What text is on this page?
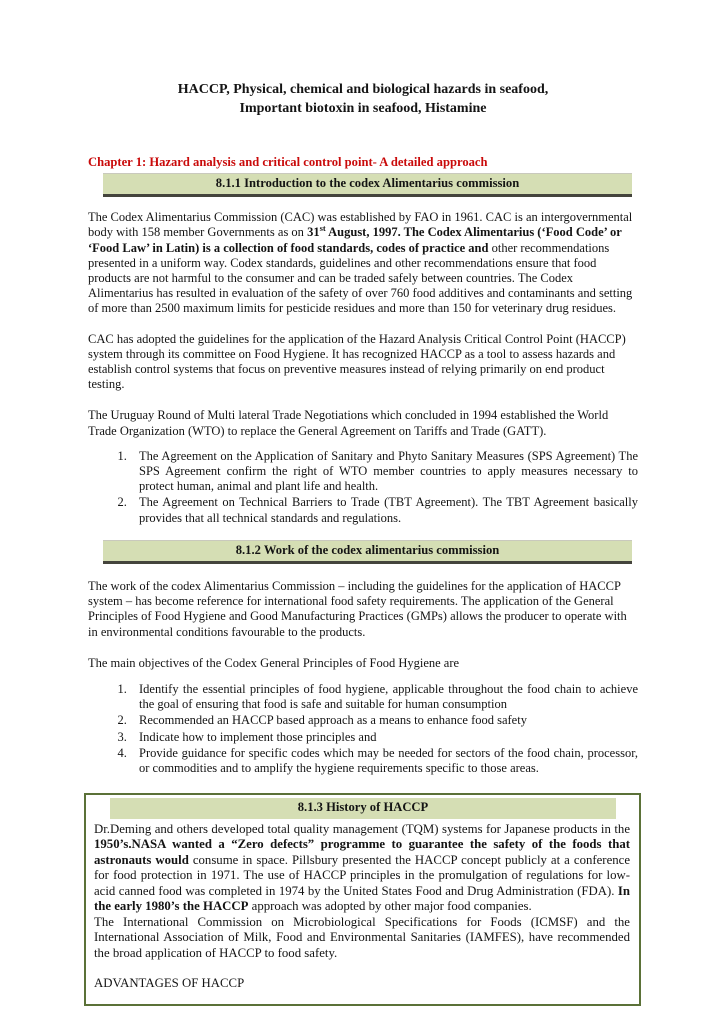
HACCP, Physical, chemical and biological hazards in seafood,
Important biotoxin in seafood, Histamine
Chapter 1: Hazard analysis and critical control point- A detailed approach
8.1.1 Introduction to the codex Alimentarius commission

The Codex Alimentarius Commission (CAC) was established by FAO in 1961. CAC is an intergovernmental body with 158 member Governments as on 31st August, 1997. The Codex Alimentarius (‘Food Code’ or ‘Food Law’ in Latin) is a collection of food standards, codes of practice and other recommendations presented in a uniform way. Codex standards, guidelines and other recommendations ensure that food products are not harmful to the consumer and can be traded safely between countries. The Codex Alimentarius has resulted in evaluation of the safety of over 760 food additives and contaminants and setting of more than 2500 maximum limits for pesticide residues and more than 150 for veterinary drug residues.

CAC has adopted the guidelines for the application of the Hazard Analysis Critical Control Point (HACCP) system through its committee on Food Hygiene. It has recognized HACCP as a tool to assess hazards and establish control systems that focus on preventive measures instead of relying primarily on end product testing.

The Uruguay Round of Multi lateral Trade Negotiations which concluded in 1994 established the World Trade Organization (WTO) to replace the General Agreement on Tariffs and Trade (GATT).

1. The Agreement on the Application of Sanitary and Phyto Sanitary Measures (SPS Agreement) The SPS Agreement confirm the right of WTO member countries to apply measures necessary to protect human, animal and plant life and health.
2. The Agreement on Technical Barriers to Trade (TBT Agreement). The TBT Agreement basically provides that all technical standards and regulations.
8.1.2 Work of the codex alimentarius commission

The work of the codex Alimentarius Commission – including the guidelines for the application of HACCP system – has become reference for international food safety requirements. The application of the General Principles of Food Hygiene and Good Manufacturing Practices (GMPs) allows the producer to operate with in environmental conditions favourable to the products.

The main objectives of the Codex General Principles of Food Hygiene are

1. Identify the essential principles of food hygiene, applicable throughout the food chain to achieve the goal of ensuring that food is safe and suitable for human consumption
2. Recommended an HACCP based approach as a means to enhance food safety
3. Indicate how to implement those principles and
4. Provide guidance for specific codes which may be needed for sectors of the food chain, processor, or commodities and to amplify the hygiene requirements specific to those areas.
8.1.3 History of HACCP

Dr.Deming and others developed total quality management (TQM) systems for Japanese products in the 1950’s.NASA wanted a “Zero defects” programme to guarantee the safety of the foods that astronauts would consume in space. Pillsbury presented the HACCP concept publicly at a conference for food protection in 1971. The use of HACCP principles in the promulgation of regulations for low-acid canned food was completed in 1974 by the United States Food and Drug Administration (FDA). In the early 1980’s the HACCP approach was adopted by other major food companies.

The International Commission on Microbiological Specifications for Foods (ICMSF) and the International Association of Milk, Food and Environmental Sanitaries (IAMFES), have recommended the broad application of HACCP to food safety.

ADVANTAGES OF HACCP
